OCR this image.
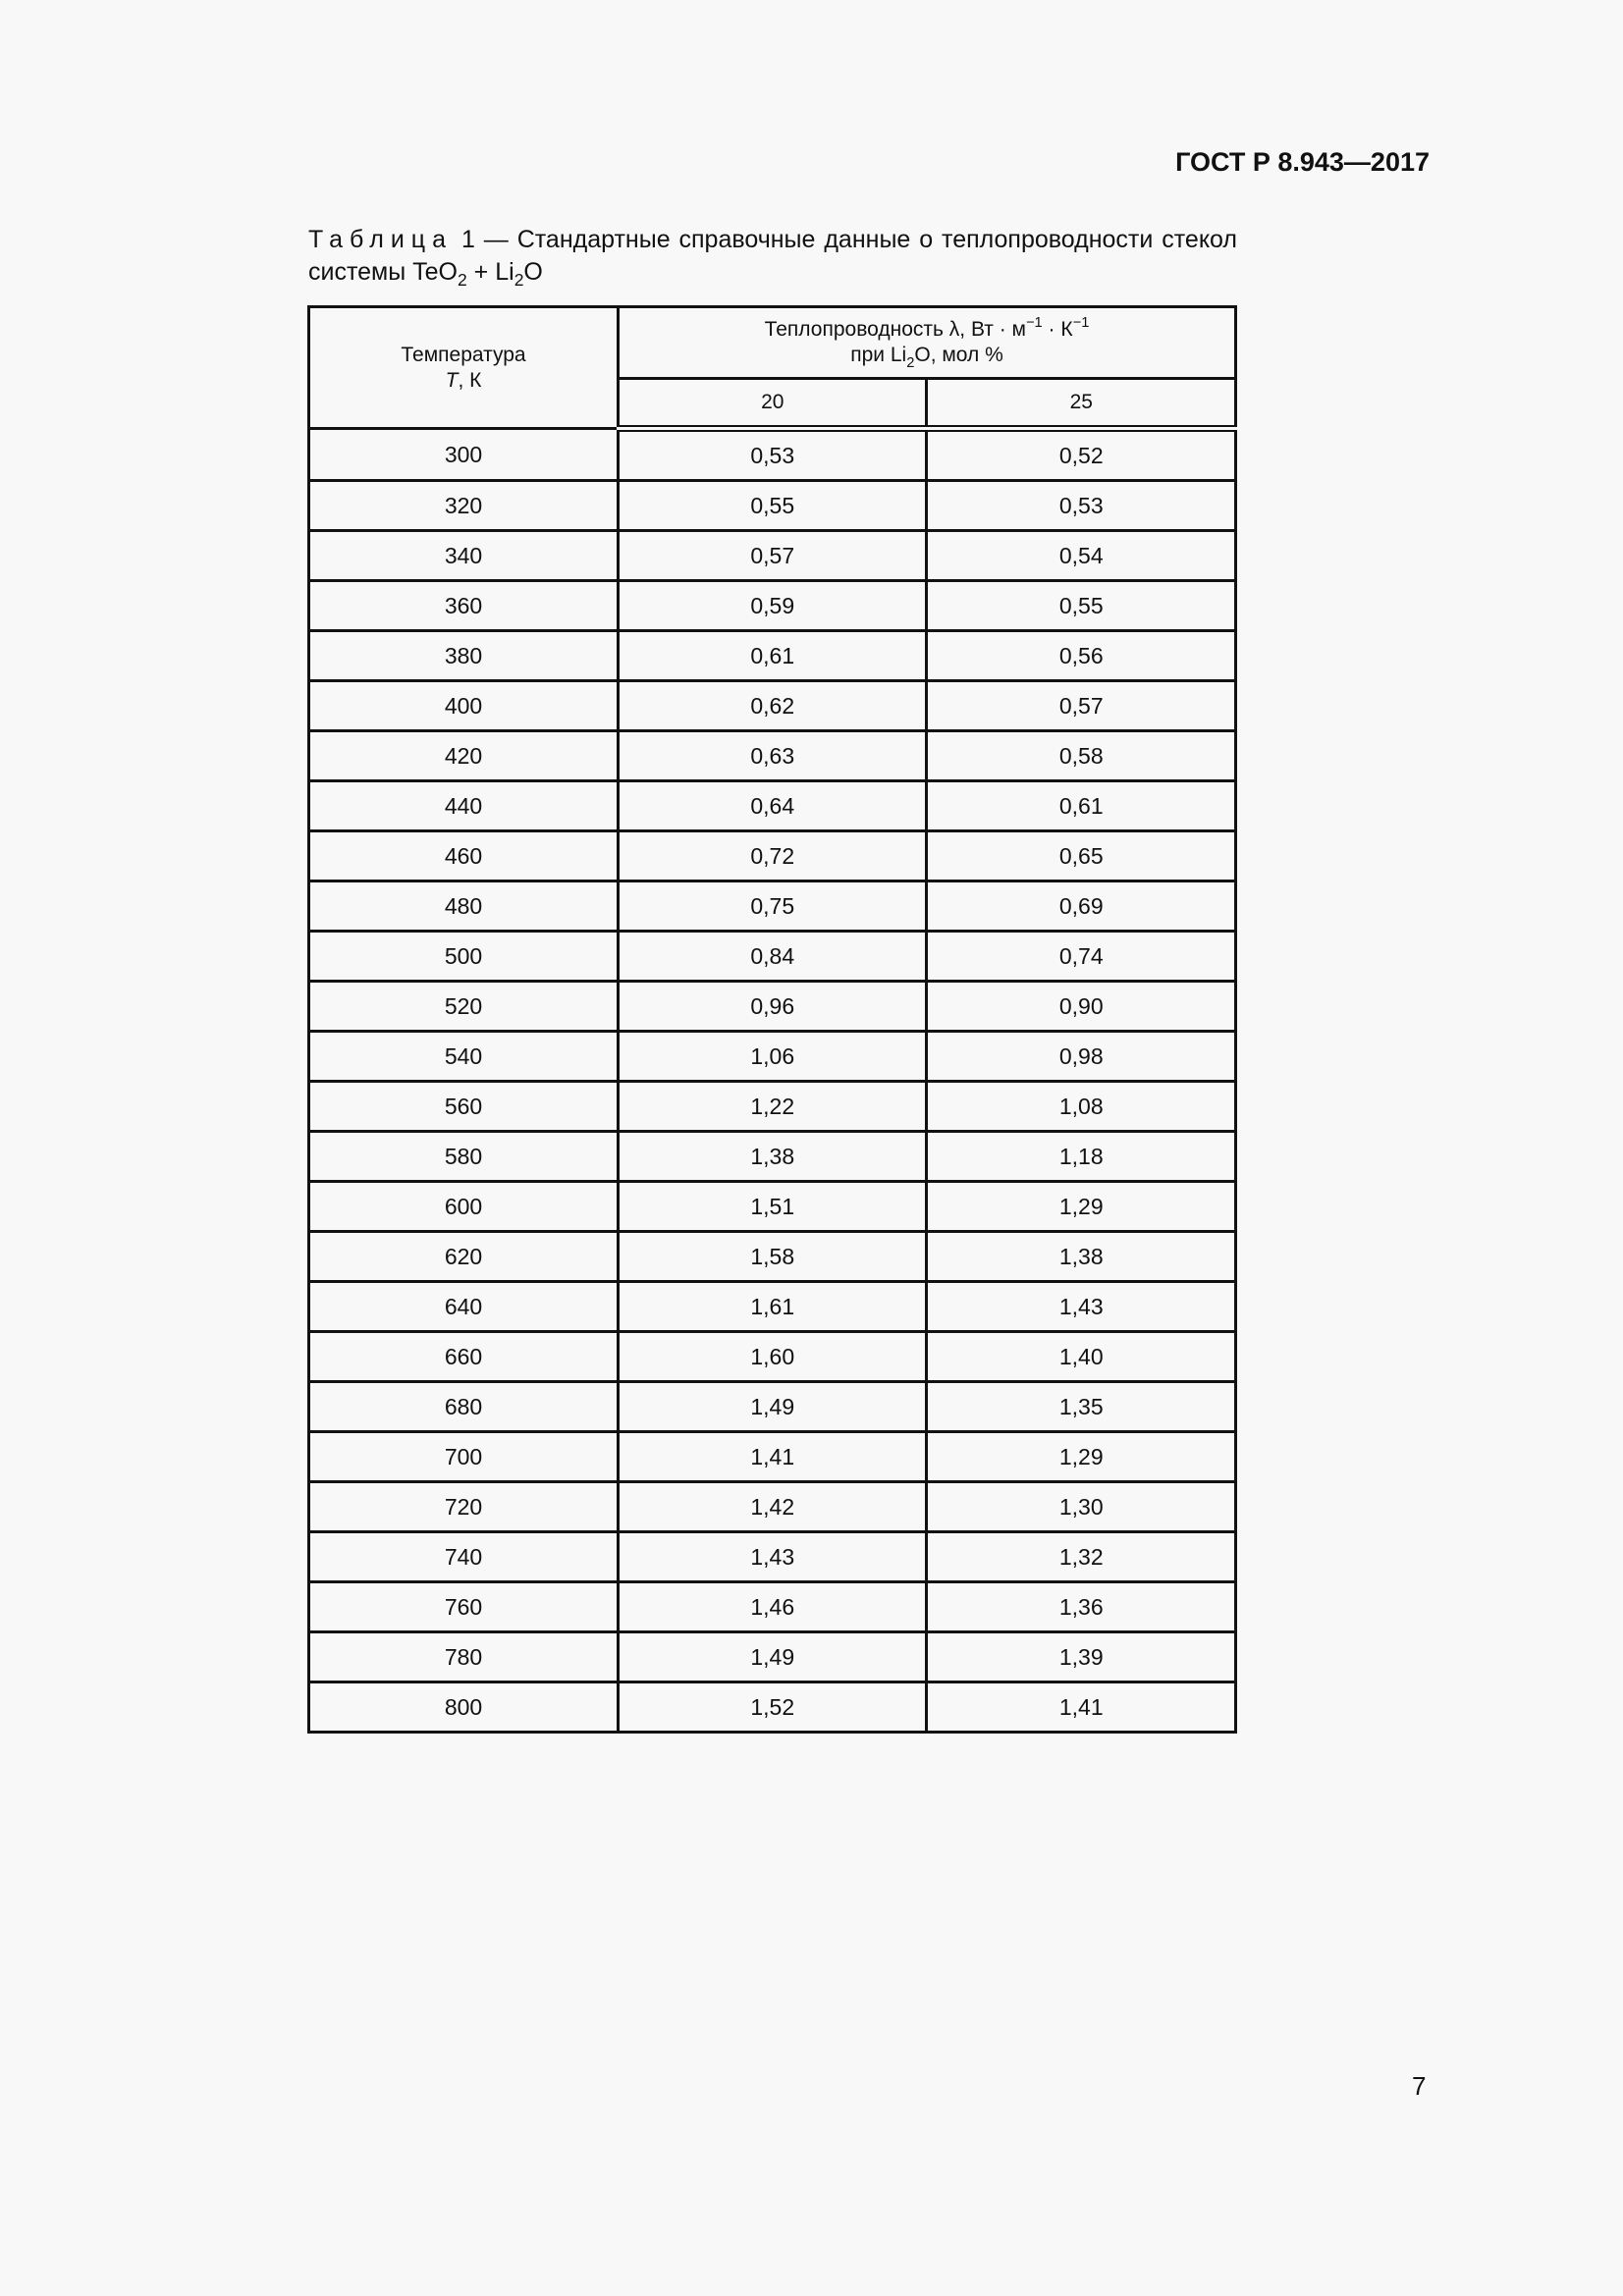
ГОСТ Р 8.943—2017
Таблица 1 — Стандартные справочные данные о теплопроводности стекол системы $TeO_2 + Li_2O$
Температура
T, К	Теплопроводность λ, Вт · $м^{-1} \cdot К^{-1}$
при $Li_2O$, мол %	
	20	25
300	0,53	0,52
320	0,55	0,53
340	0,57	0,54
360	0,59	0,55
380	0,61	0,56
400	0,62	0,57
420	0,63	0,58
440	0,64	0,61
460	0,72	0,65
480	0,75	0,69
500	0,84	0,74
520	0,96	0,90
540	1,06	0,98
560	1,22	1,08
580	1,38	1,18
600	1,51	1,29
620	1,58	1,38
640	1,61	1,43
660	1,60	1,40
680	1,49	1,35
700	1,41	1,29
720	1,42	1,30
740	1,43	1,32
760	1,46	1,36
780	1,49	1,39
800	1,52	1,41
7
